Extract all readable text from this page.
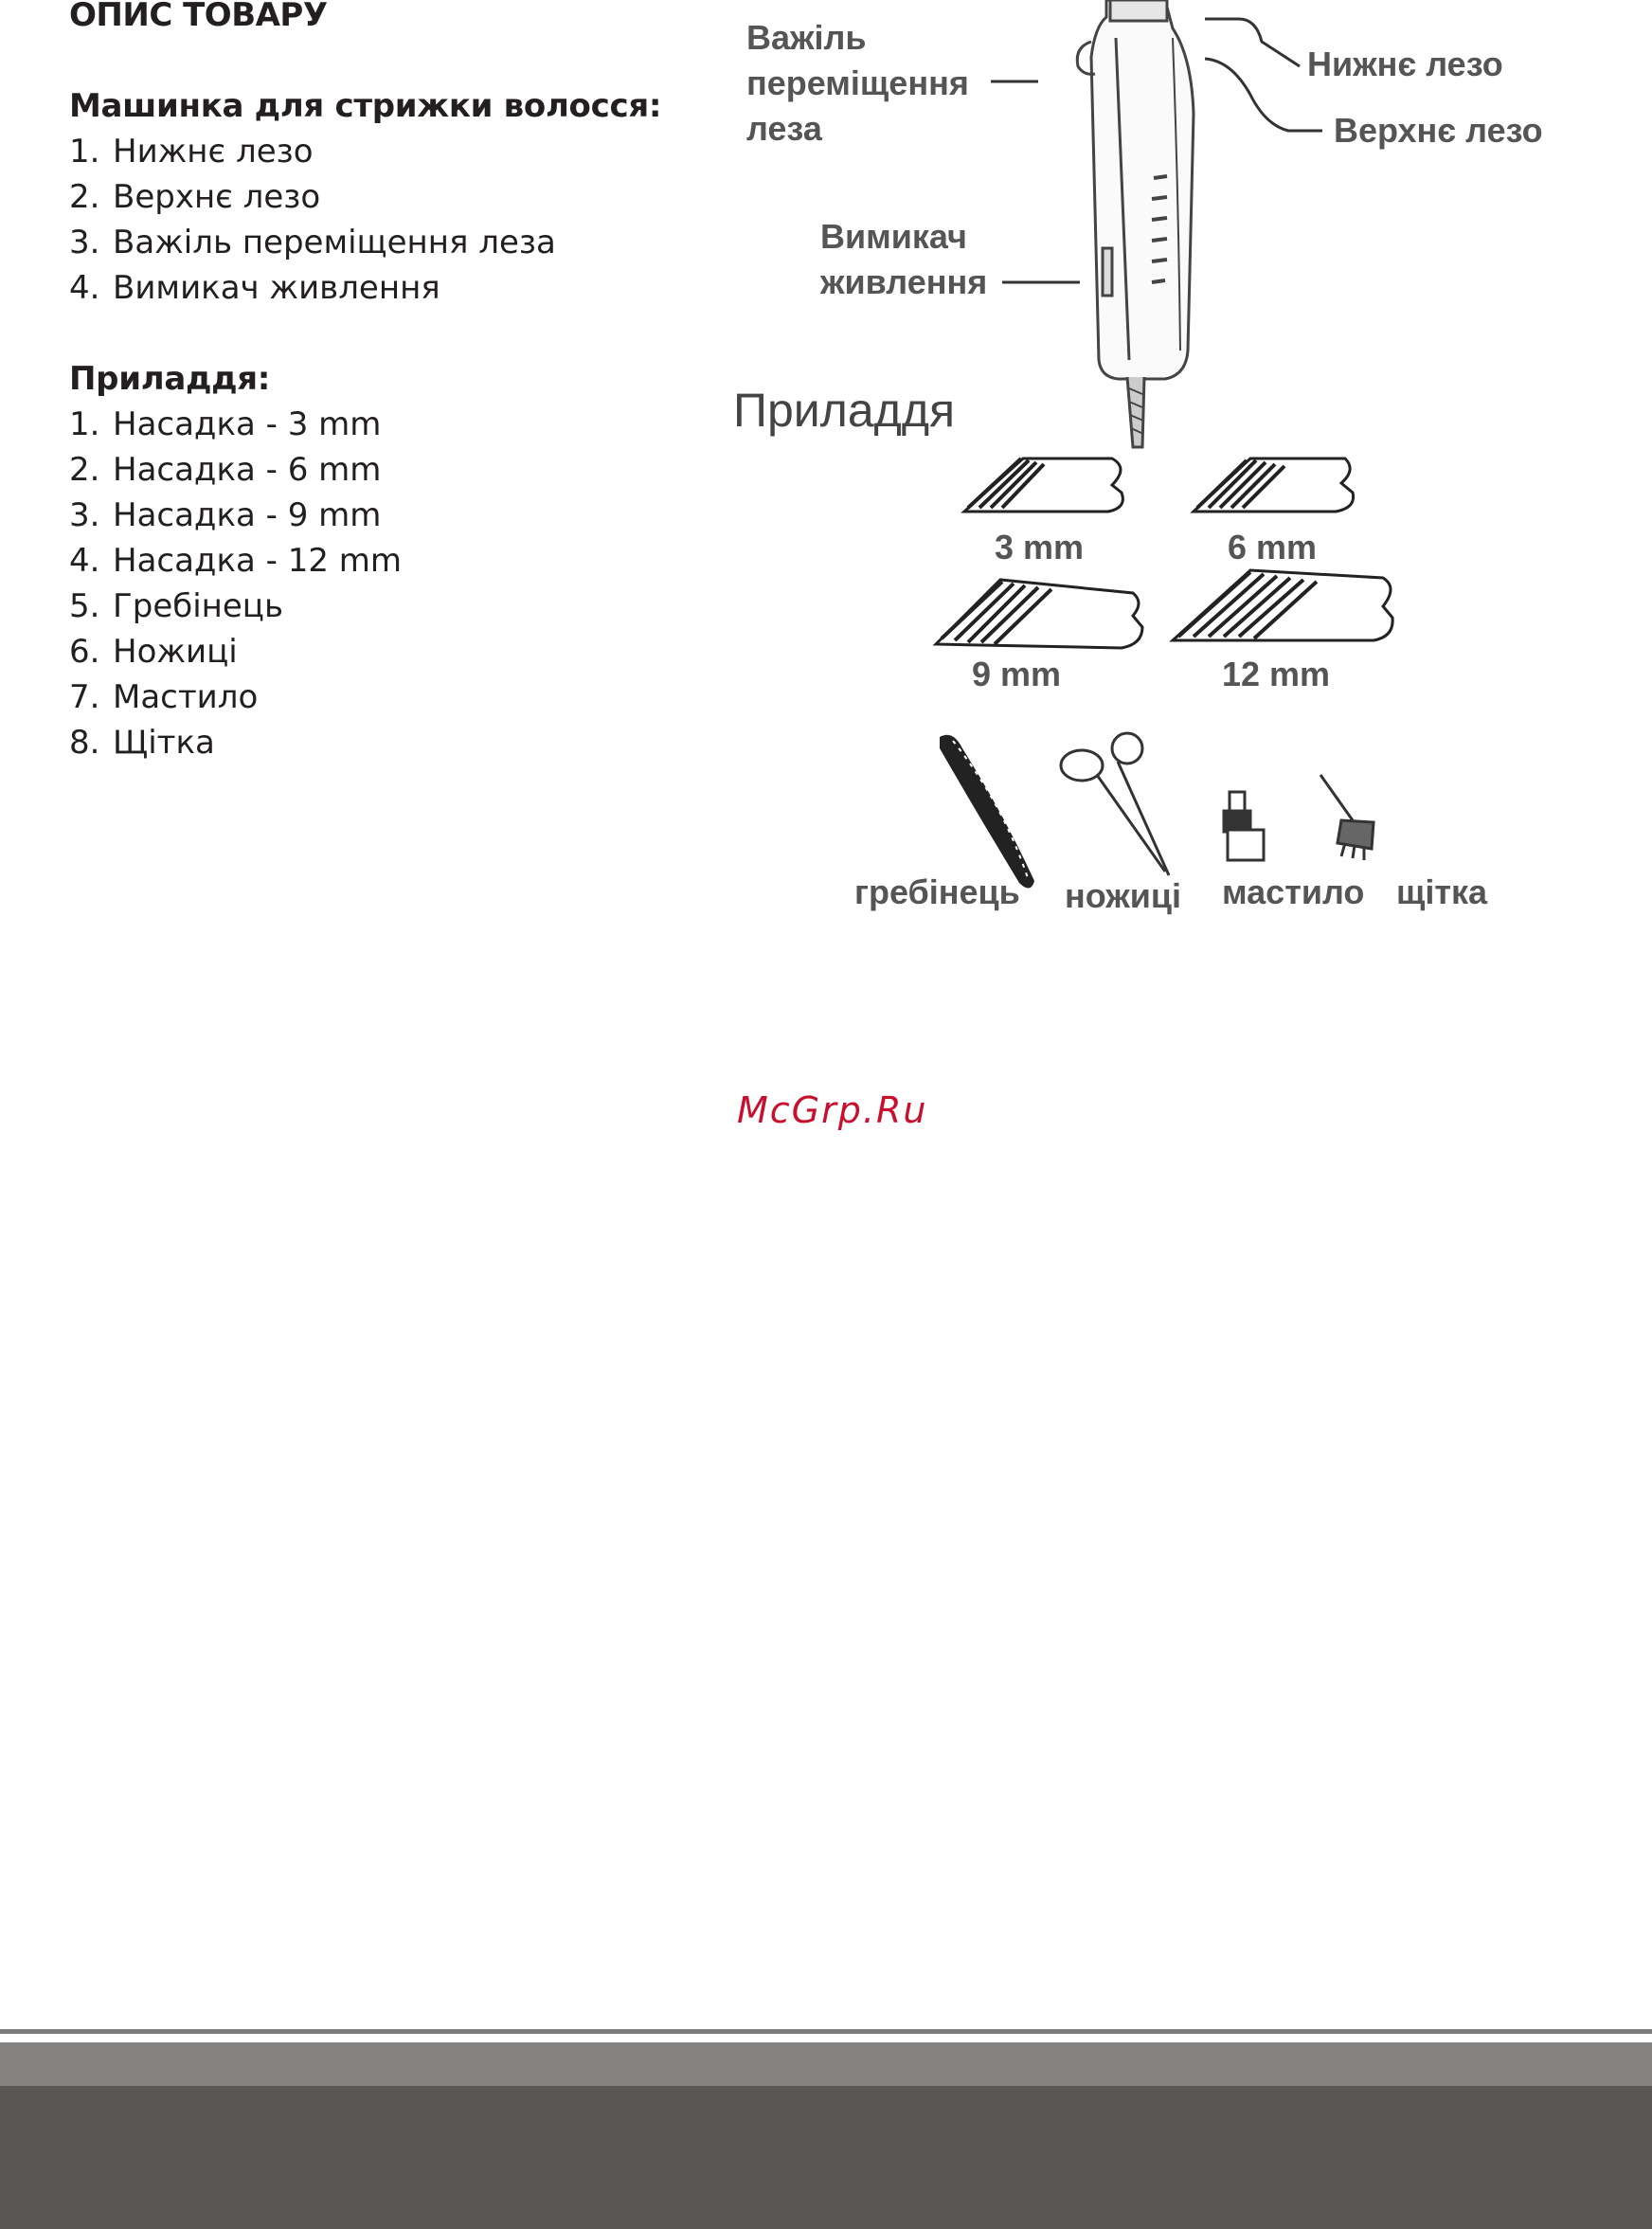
ОПИС ТОВАРУ
Машинка для стрижки волосся:
1. Нижнє лезо
2. Верхнє лезо
3. Важіль переміщення леза
4. Вимикач живлення
Приладдя:
1. Насадка - 3 mm
2. Насадка - 6 mm
3. Насадка - 9 mm
4. Насадка - 12 mm
5. Гребінець
6. Ножиці
7. Мастило
8. Щітка
Важіль
переміщення
леза
Нижнє лезо
Верхнє лезо
Вимикач
живлення
Приладдя
3 mm	6 mm
9 mm	12 mm
гребінець ножиці мастило щітка
McGrp.Ru
